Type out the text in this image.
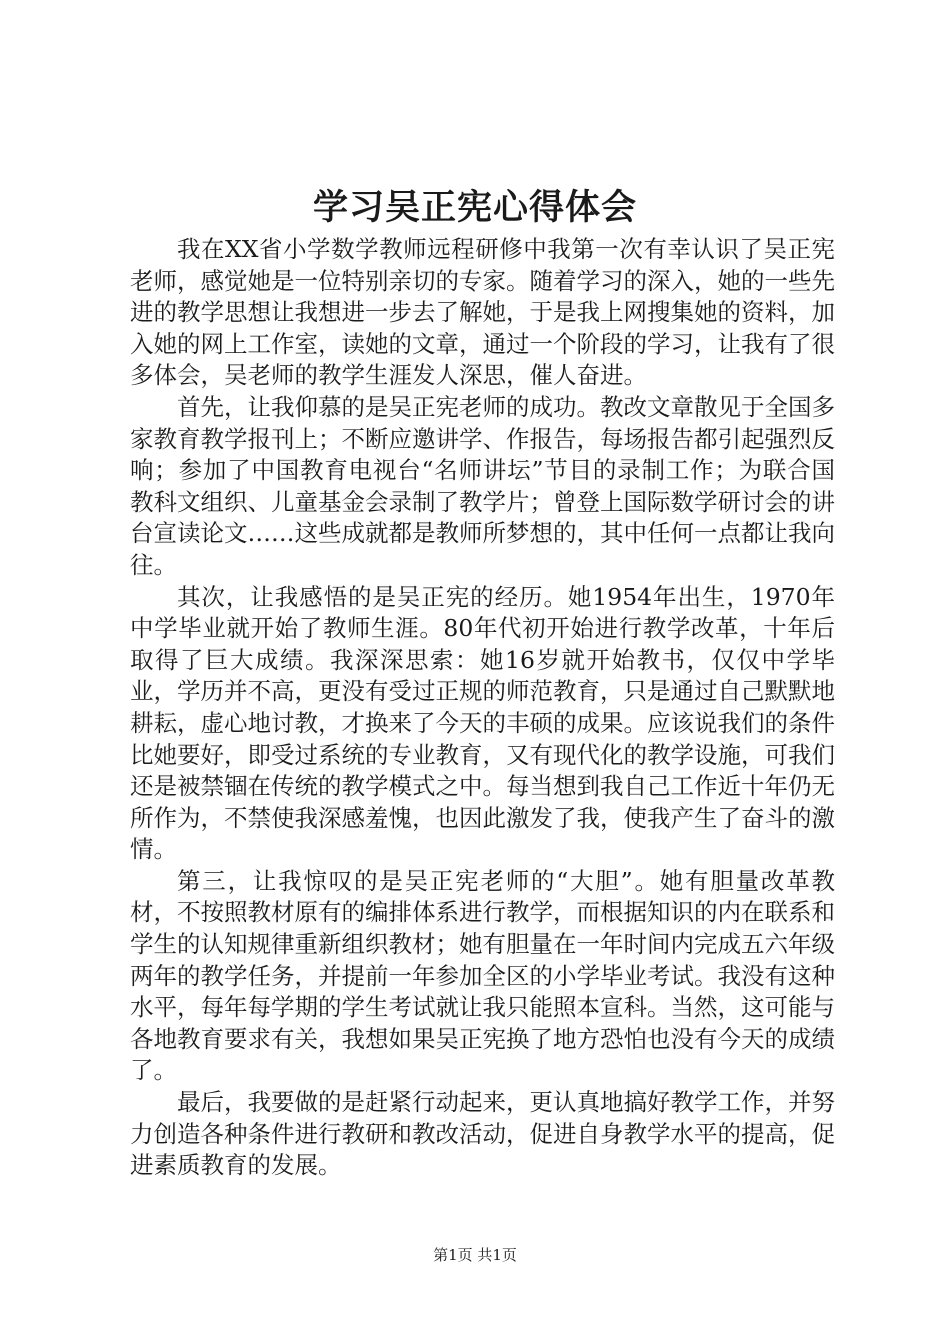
学习吴正宪心得体会

我在XX省小学数学教师远程研修中我第一次有幸认识了吴正宪老师，感觉她是一位特别亲切的专家。随着学习的深入，她的一些先进的教学思想让我想进一步去了解她，于是我上网搜集她的资料，加入她的网上工作室，读她的文章，通过一个阶段的学习，让我有了很多体会，吴老师的教学生涯发人深思，催人奋进。

首先，让我仰慕的是吴正宪老师的成功。教改文章散见于全国多家教育教学报刊上；不断应邀讲学、作报告，每场报告都引起强烈反响；参加了中国教育电视台“名师讲坛”节目的录制工作；为联合国教科文组织、儿童基金会录制了教学片；曾登上国际数学研讨会的讲台宣读论文……这些成就都是教师所梦想的，其中任何一点都让我向往。

其次，让我感悟的是吴正宪的经历。她1954年出生，1970年中学毕业就开始了教师生涯。80年代初开始进行教学改革，十年后取得了巨大成绩。我深深思索：她16岁就开始教书，仅仅中学毕业，学历并不高，更没有受过正规的师范教育，只是通过自己默默地耕耘，虚心地讨教，才换来了今天的丰硕的成果。应该说我们的条件比她要好，即受过系统的专业教育，又有现代化的教学设施，可我们还是被禁锢在传统的教学模式之中。每当想到我自己工作近十年仍无所作为，不禁使我深感羞愧，也因此激发了我，使我产生了奋斗的激情。

第三，让我惊叹的是吴正宪老师的“大胆”。她有胆量改革教材，不按照教材原有的编排体系进行教学，而根据知识的内在联系和学生的认知规律重新组织教材；她有胆量在一年时间内完成五六年级两年的教学任务，并提前一年参加全区的小学毕业考试。我没有这种水平，每年每学期的学生考试就让我只能照本宣科。当然，这可能与各地教育要求有关，我想如果吴正宪换了地方恐怕也没有今天的成绩了。

最后，我要做的是赶紧行动起来，更认真地搞好教学工作，并努力创造各种条件进行教研和教改活动，促进自身教学水平的提高，促进素质教育的发展。

第1页 共1页
